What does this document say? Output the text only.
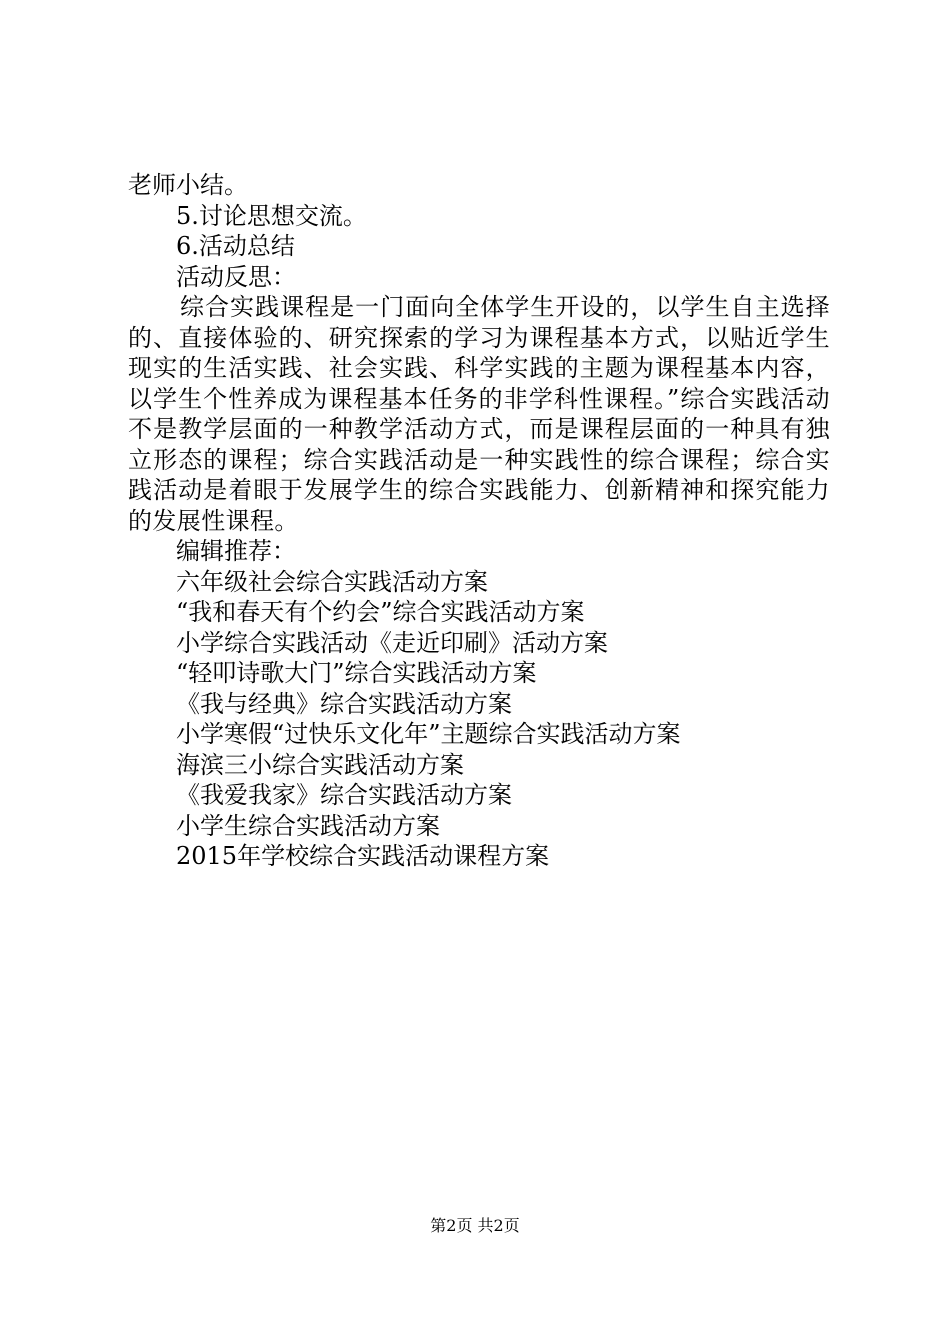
老师小结。
5.讨论思想交流。
6.活动总结
活动反思：
综合实践课程是一门面向全体学生开设的，以学生自主选择的、直接体验的、研究探索的学习为课程基本方式，以贴近学生现实的生活实践、社会实践、科学实践的主题为课程基本内容，以学生个性养成为课程基本任务的非学科性课程。”综合实践活动不是教学层面的一种教学活动方式，而是课程层面的一种具有独立形态的课程；综合实践活动是一种实践性的综合课程；综合实践活动是着眼于发展学生的综合实践能力、创新精神和探究能力的发展性课程。
编辑推荐：
六年级社会综合实践活动方案
“我和春天有个约会”综合实践活动方案
小学综合实践活动《走近印刷》活动方案
“轻叩诗歌大门”综合实践活动方案
《我与经典》综合实践活动方案
小学寒假“过快乐文化年”主题综合实践活动方案
海滨三小综合实践活动方案
《我爱我家》综合实践活动方案
小学生综合实践活动方案
2015年学校综合实践活动课程方案
第2页 共2页
